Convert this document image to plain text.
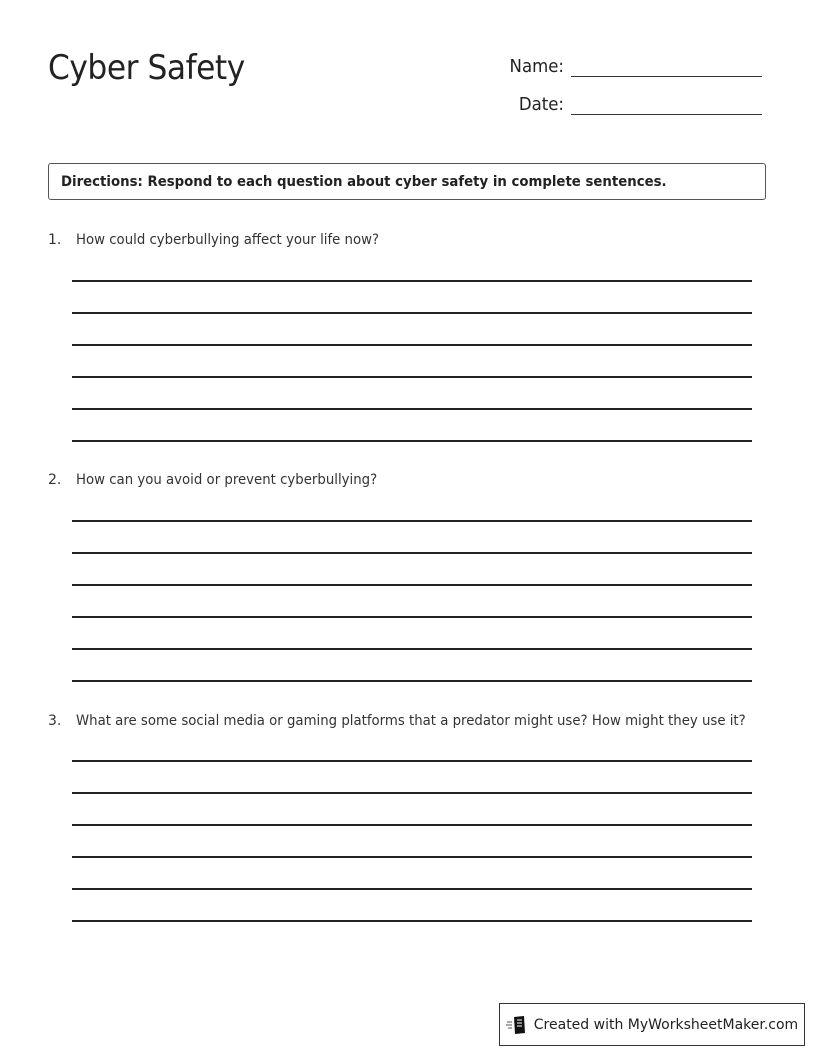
Cyber Safety	Name:
Date:
Directions: Respond to each question about cyber safety in complete sentences.
1.	How could cyberbullying affect your life now?
2.	How can you avoid or prevent cyberbullying?
3.	What are some social media or gaming platforms that a predator might use? How might they use it?
Created with MyWorksheetMaker.com
